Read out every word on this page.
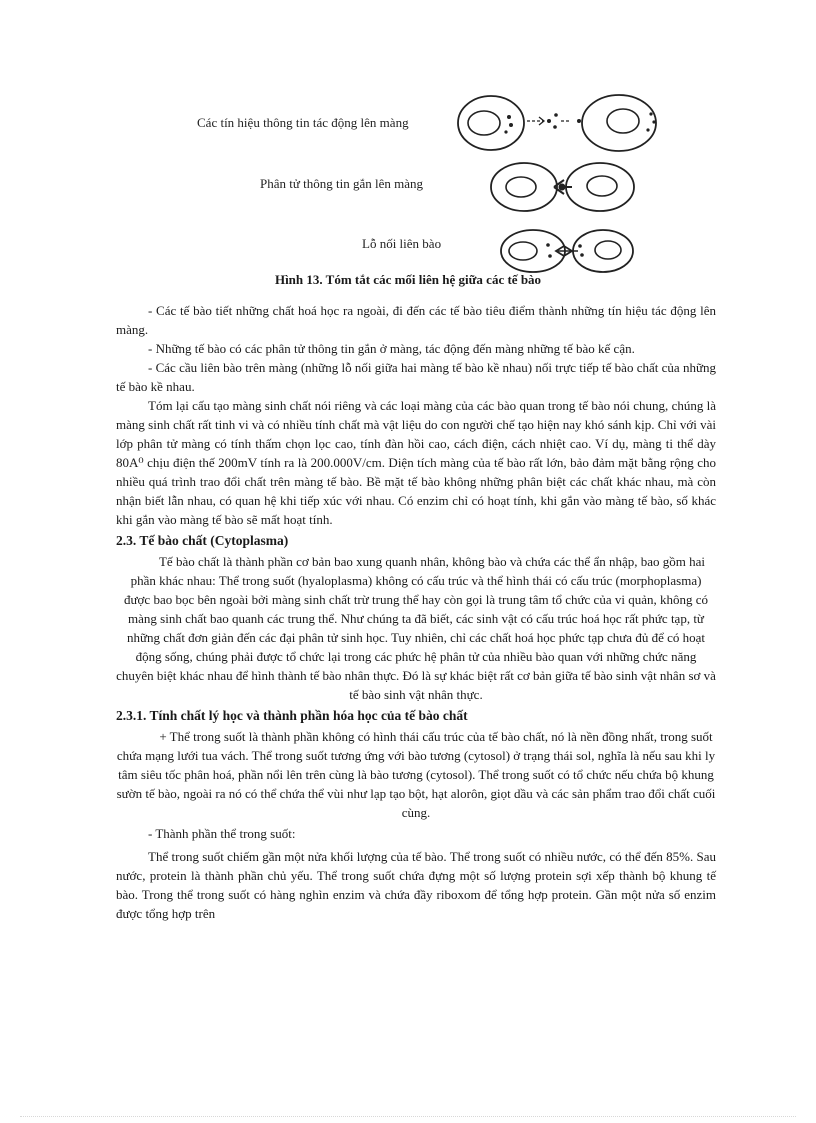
Các tín hiệu thông tin tác động lên màng
Phân tử thông tin gắn lên màng
Lỗ nối liên bào
Hình 13. Tóm tắt các mối liên hệ giữa các tế bào

- Các tế bào tiết những chất hoá học ra ngoài, đi đến các tế bào tiêu điểm thành những tín hiệu tác động lên màng.

- Những tế bào có các phân tử thông tin gắn ở màng, tác động đến màng những tế bào kế cận.

- Các cầu liên bào trên màng (những lỗ nối giữa hai màng tế bào kề nhau) nối trực tiếp tế bào chất của những tế bào kề nhau.

Tóm lại cấu tạo màng sinh chất nói riêng và các loại màng của các bào quan trong tế bào nói chung, chúng là màng sinh chất rất tinh vi và có nhiều tính chất mà vật liệu do con người chế tạo hiện nay khó sánh kịp. Chỉ với vài lớp phân tử màng có tính thấm chọn lọc cao, tính đàn hồi cao, cách điện, cách nhiệt cao. Ví dụ, màng ti thể dày 80A⁰ chịu điện thế 200mV tính ra là 200.000V/cm. Diện tích màng của tế bào rất lớn, bảo đảm mặt bằng rộng cho nhiều quá trình trao đổi chất trên màng tế bào. Bề mặt tế bào không những phân biệt các chất khác nhau, mà còn nhận biết lẫn nhau, có quan hệ khi tiếp xúc với nhau. Có enzim chỉ có hoạt tính, khi gắn vào màng tế bào, số khác khi gắn vào màng tế bào sẽ mất hoạt tính.

2.3. Tế bào chất (Cytoplasma)

Tế bào chất là thành phần cơ bản bao xung quanh nhân, không bào và chứa các thể ẩn nhập, bao gồm hai phần khác nhau: Thể trong suốt (hyaloplasma) không có cấu trúc và thể hình thái có cấu trúc (morphoplasma) được bao bọc bên ngoài bởi màng sinh chất trừ trung thể hay còn gọi là trung tâm tổ chức của vi quản, không có màng sinh chất bao quanh các trung thể. Như chúng ta đã biết, các sinh vật có cấu trúc hoá học rất phức tạp, từ những chất đơn giản đến các đại phân tử sinh học. Tuy nhiên, chỉ các chất hoá học phức tạp chưa đủ để có hoạt động sống, chúng phải được tổ chức lại trong các phức hệ phân tử của nhiều bào quan với những chức năng chuyên biệt khác nhau để hình thành tế bào nhân thực. Đó là sự khác biệt rất cơ bản giữa tế bào sinh vật nhân sơ và tế bào sinh vật nhân thực.

2.3.1. Tính chất lý học và thành phần hóa học của tế bào chất

+ Thể trong suốt là thành phần không có hình thái cấu trúc của tế bào chất, nó là nền đồng nhất, trong suốt chứa mạng lưới tua vách. Thể trong suốt tương ứng với bào tương (cytosol) ở trạng thái sol, nghĩa là nếu sau khi ly tâm siêu tốc phân hoá, phần nổi lên trên cùng là bào tương (cytosol). Thể trong suốt có tổ chức nếu chứa bộ khung sườn tế bào, ngoài ra nó có thể chứa thể vùi như lạp tạo bột, hạt alorôn, giọt dầu và các sản phẩm trao đổi chất cuối cùng.

- Thành phần thể trong suốt:

Thể trong suốt chiếm gần một nửa khối lượng của tế bào. Thể trong suốt có nhiều nước, có thể đến 85%. Sau nước, protein là thành phần chủ yếu. Thể trong suốt chứa đựng một số lượng protein sợi xếp thành bộ khung tế bào. Trong thể trong suốt có hàng nghìn enzim và chứa đầy riboxom để tổng hợp protein. Gần một nửa số enzim được tổng hợp trên
